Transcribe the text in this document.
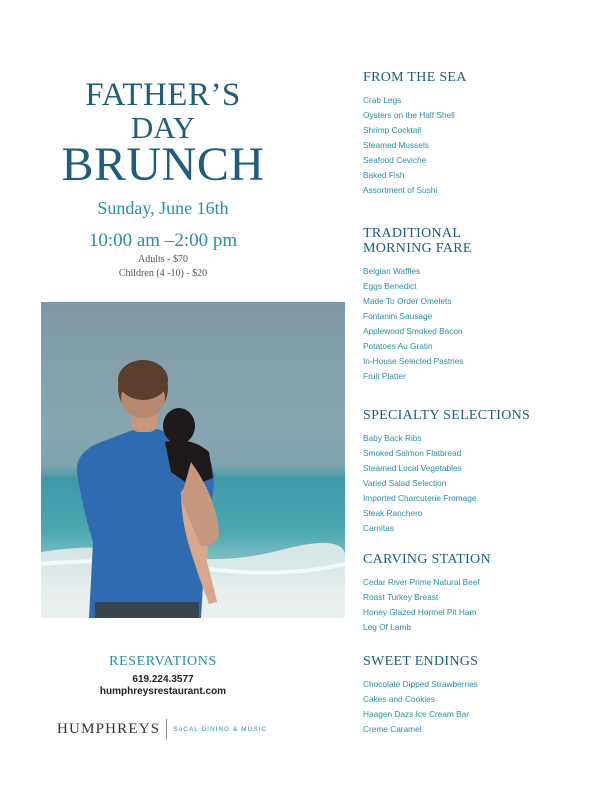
FATHER’S
DAY
BRUNCH
Sunday, June 16th
10:00 am –2:00 pm
Adults - $70
Children (4 -10) - $20
RESERVATIONS
619.224.3577
humphreysrestaurant.com
HUMPHREYS SoCAL DINING & MUSIC
FROM THE SEA
Crab Legs
Oysters on the Half Shell
Shrimp Cocktail
Steamed Mussels
Seafood Ceviche
Baked Fish
Assortment of Sushi
TRADITIONAL
MORNING FARE
Belgian Waffles
Eggs Benedict
Made To Order Omelets
Fontanini Sausage
Applewood Smoked Bacon
Potatoes Au Gratin
In-House Selected Pastries
Fruit Platter
SPECIALTY SELECTIONS
Baby Back Ribs
Smoked Salmon Flatbread
Steamed Local Vegetables
Varied Salad Selection
Imported Charcuterie Fromage
Steak Ranchero
Carnitas
CARVING STATION
Cedar River Prime Natural Beef
Roast Turkey Breast
Honey Glazed Hormel Pit Ham
Leg Of Lamb
SWEET ENDINGS
Chocolate Dipped Strawberries
Cakes and Cookies
Haagen Dazs Ice Cream Bar
Creme Caramel
